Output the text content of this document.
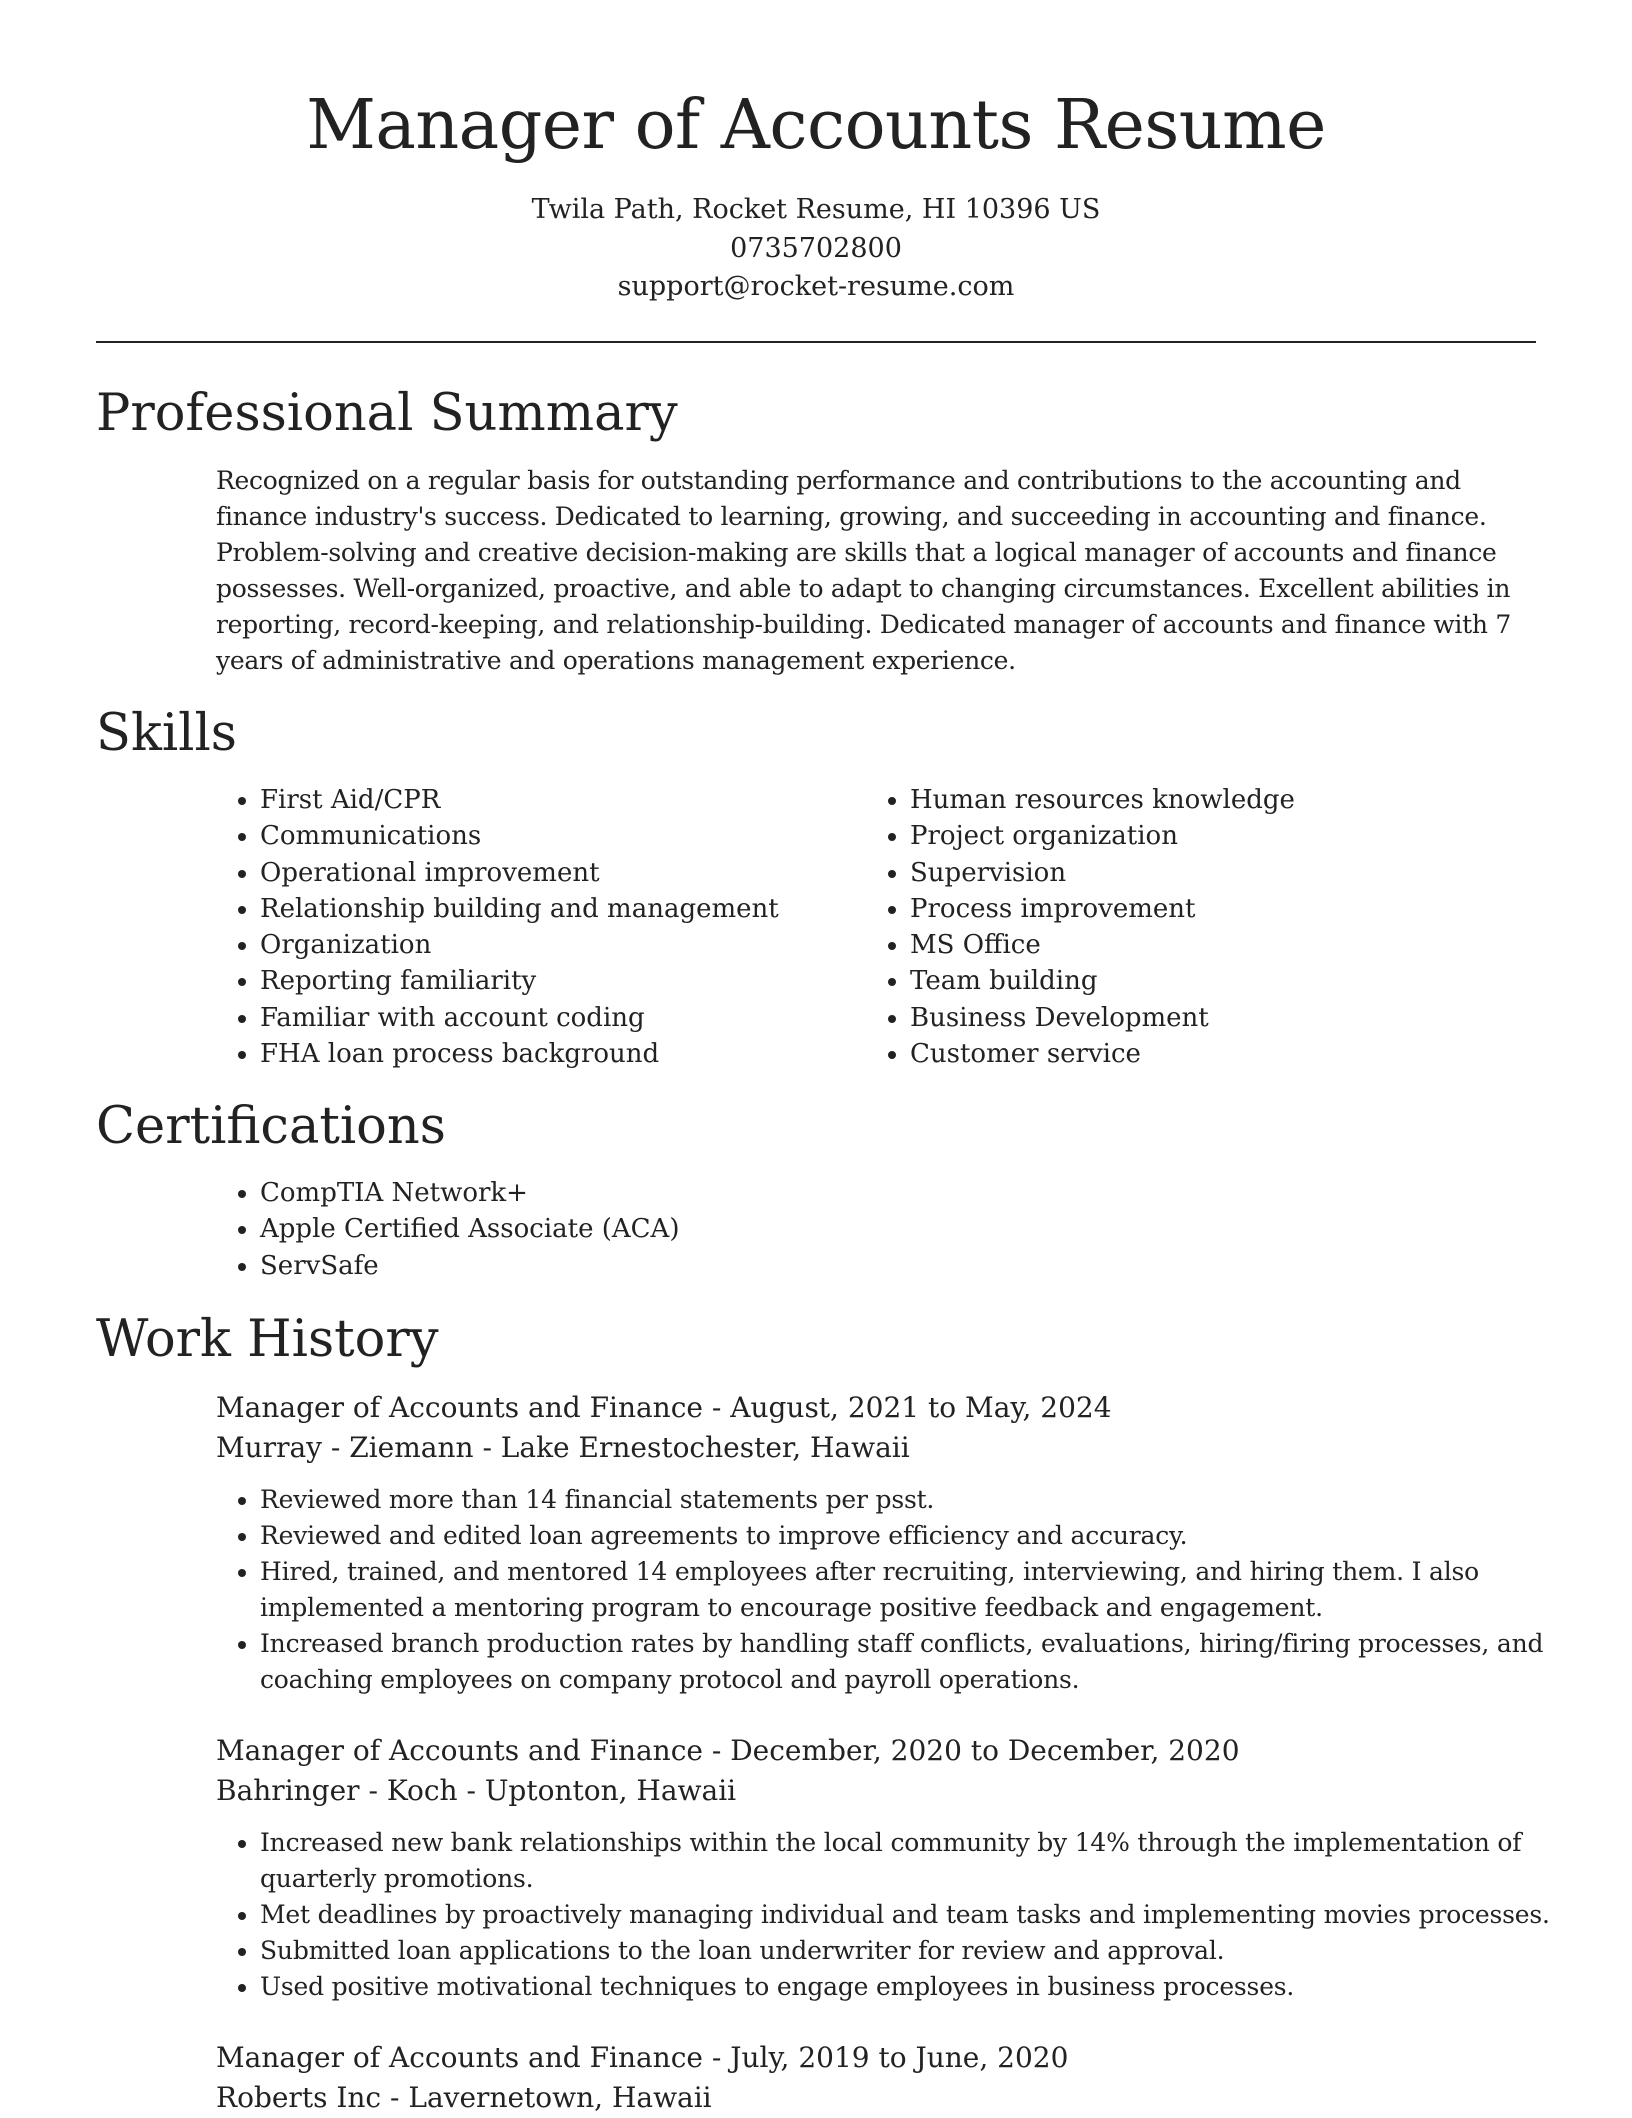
Manager of Accounts Resume

Twila Path, Rocket Resume, HI 10396 US

0735702800

support@rocket-resume.com

Professional Summary

Recognized on a regular basis for outstanding performance and contributions to the accounting and finance industry's success. Dedicated to learning, growing, and succeeding in accounting and finance. Problem-solving and creative decision-making are skills that a logical manager of accounts and finance possesses. Well-organized, proactive, and able to adapt to changing circumstances. Excellent abilities in reporting, record-keeping, and relationship-building. Dedicated manager of accounts and finance with 7 years of administrative and operations management experience.

Skills
• First Aid/CPR
• Communications
• Operational improvement
• Relationship building and management
• Organization
• Reporting familiarity
• Familiar with account coding
• FHA loan process background
• Human resources knowledge
• Project organization
• Supervision
• Process improvement
• MS Office
• Team building
• Business Development
• Customer service
Certifications
• CompTIA Network+
• Apple Certified Associate (ACA)
• ServSafe
Work History

Manager of Accounts and Finance - August, 2021 to May, 2024

Murray - Ziemann - Lake Ernestochester, Hawaii

• Reviewed more than 14 financial statements per psst.
• Reviewed and edited loan agreements to improve efficiency and accuracy.
• Hired, trained, and mentored 14 employees after recruiting, interviewing, and hiring them. I also implemented a mentoring program to encourage positive feedback and engagement.
• Increased branch production rates by handling staff conflicts, evaluations, hiring/firing processes, and coaching employees on company protocol and payroll operations.

Manager of Accounts and Finance - December, 2020 to December, 2020

Bahringer - Koch - Uptonton, Hawaii

• Increased new bank relationships within the local community by 14% through the implementation of quarterly promotions.
• Met deadlines by proactively managing individual and team tasks and implementing movies processes.
• Submitted loan applications to the loan underwriter for review and approval.
• Used positive motivational techniques to engage employees in business processes.

Manager of Accounts and Finance - July, 2019 to June, 2020

Roberts Inc - Lavernetown, Hawaii
